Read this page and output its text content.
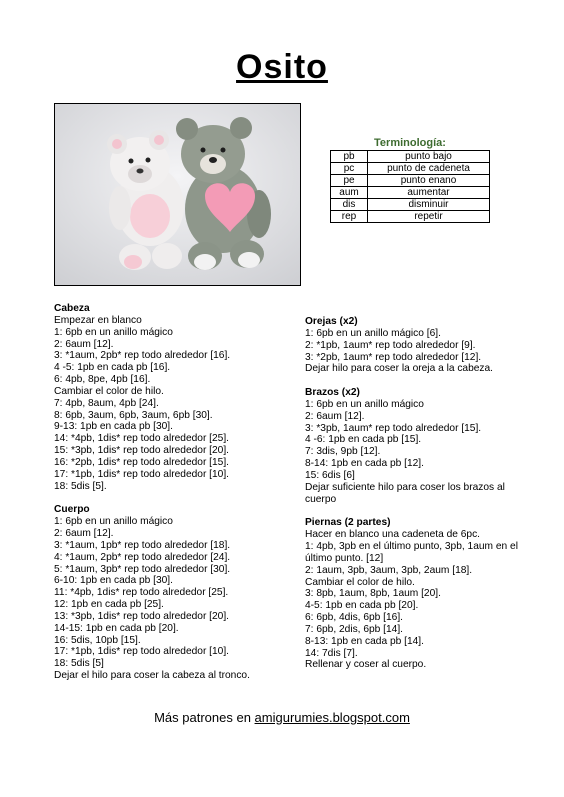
Osito
Terminología:
pb	punto bajo
pc	punto de cadeneta
pe	punto enano
aum	aumentar
dis	disminuir
rep	repetir
Cabeza
Empezar en blanco
1: 6pb en un anillo mágico
2: 6aum [12].
3: *1aum, 2pb* rep todo alrededor [16].
4 -5: 1pb en cada pb [16].
6: 4pb, 8pe, 4pb [16].
Cambiar el color de hilo.
7: 4pb, 8aum, 4pb [24].
8: 6pb, 3aum, 6pb, 3aum, 6pb [30].
9-13: 1pb en cada pb [30].
14: *4pb, 1dis* rep todo alrededor [25].
15: *3pb, 1dis* rep todo alrededor [20].
16: *2pb, 1dis* rep todo alrededor [15].
17: *1pb, 1dis* rep todo alrededor [10].
18: 5dis [5].
Cuerpo
1: 6pb en un anillo mágico
2: 6aum [12].
3: *1aum, 1pb* rep todo alrededor [18].
4: *1aum, 2pb* rep todo alrededor [24].
5: *1aum, 3pb* rep todo alrededor [30].
6-10: 1pb en cada pb [30].
11: *4pb, 1dis* rep todo alrededor [25].
12: 1pb en cada pb [25].
13: *3pb, 1dis* rep todo alrededor [20].
14-15: 1pb en cada pb [20].
16: 5dis, 10pb [15].
17: *1pb, 1dis* rep todo alrededor [10].
18: 5dis [5]
Dejar el hilo para coser la cabeza al tronco.
Orejas (x2)
1: 6pb en un anillo mágico [6].
2: *1pb, 1aum* rep todo alrededor [9].
3: *2pb, 1aum* rep todo alrededor [12].
Dejar hilo para coser la oreja a la cabeza.
Brazos (x2)
1: 6pb en un anillo mágico
2: 6aum [12].
3: *3pb, 1aum* rep todo alrededor [15].
4 -6: 1pb en cada pb [15].
7: 3dis, 9pb [12].
8-14: 1pb en cada pb [12].
15: 6dis [6]
Dejar suficiente hilo para coser los brazos al
cuerpo
Piernas (2 partes)
Hacer en blanco una cadeneta de 6pc.
1: 4pb, 3pb en el último punto, 3pb, 1aum en el
último punto. [12]
2: 1aum, 3pb, 3aum, 3pb, 2aum [18].
Cambiar el color de hilo.
3: 8pb, 1aum, 8pb, 1aum [20].
4-5: 1pb en cada pb [20].
6: 6pb, 4dis, 6pb [16].
7: 6pb, 2dis, 6pb [14].
8-13: 1pb en cada pb [14].
14: 7dis [7].
Rellenar y coser al cuerpo.
Más patrones en amigurumies.blogspot.com
